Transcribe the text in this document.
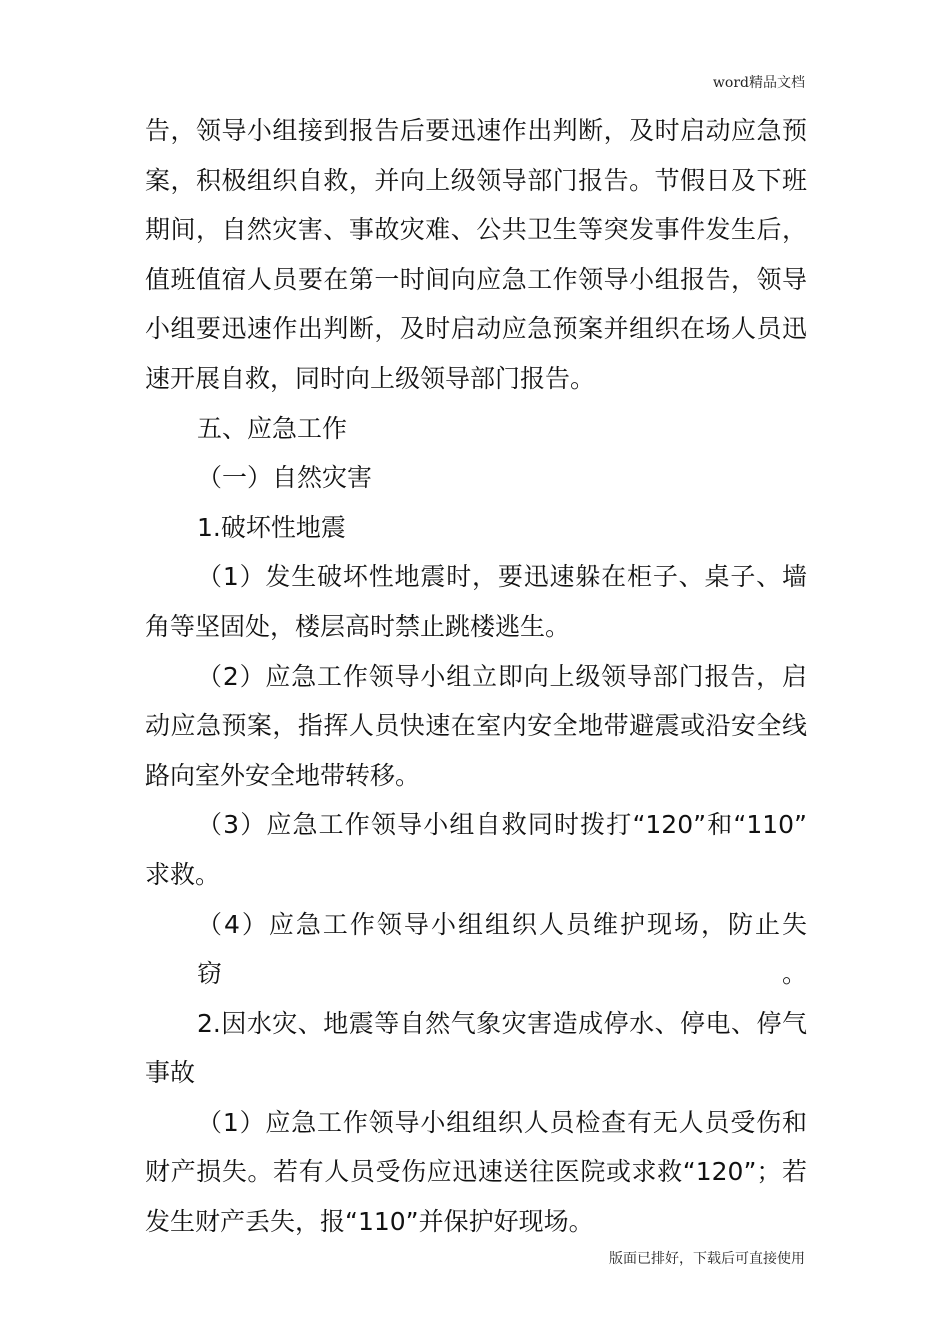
word精品文档

告，领导小组接到报告后要迅速作出判断，及时启动应急预

案，积极组织自救，并向上级领导部门报告。节假日及下班

期间，自然灾害、事故灾难、公共卫生等突发事件发生后，

值班值宿人员要在第一时间向应急工作领导小组报告，领导

小组要迅速作出判断，及时启动应急预案并组织在场人员迅

速开展自救，同时向上级领导部门报告。

五、应急工作

（一）自然灾害

1.破坏性地震

（1）发生破坏性地震时，要迅速躲在柜子、桌子、墙

角等坚固处，楼层高时禁止跳楼逃生。

（2）应急工作领导小组立即向上级领导部门报告，启

动应急预案，指挥人员快速在室内安全地带避震或沿安全线

路向室外安全地带转移。

（3）应急工作领导小组自救同时拨打“120”和“110”

求救。

（4）应急工作领导小组组织人员维护现场，防止失窃。

2.因水灾、地震等自然气象灾害造成停水、停电、停气

事故

（1）应急工作领导小组组织人员检查有无人员受伤和

财产损失。若有人员受伤应迅速送往医院或求救“120”；若

发生财产丢失，报“110”并保护好现场。

版面已排好，下载后可直接使用
